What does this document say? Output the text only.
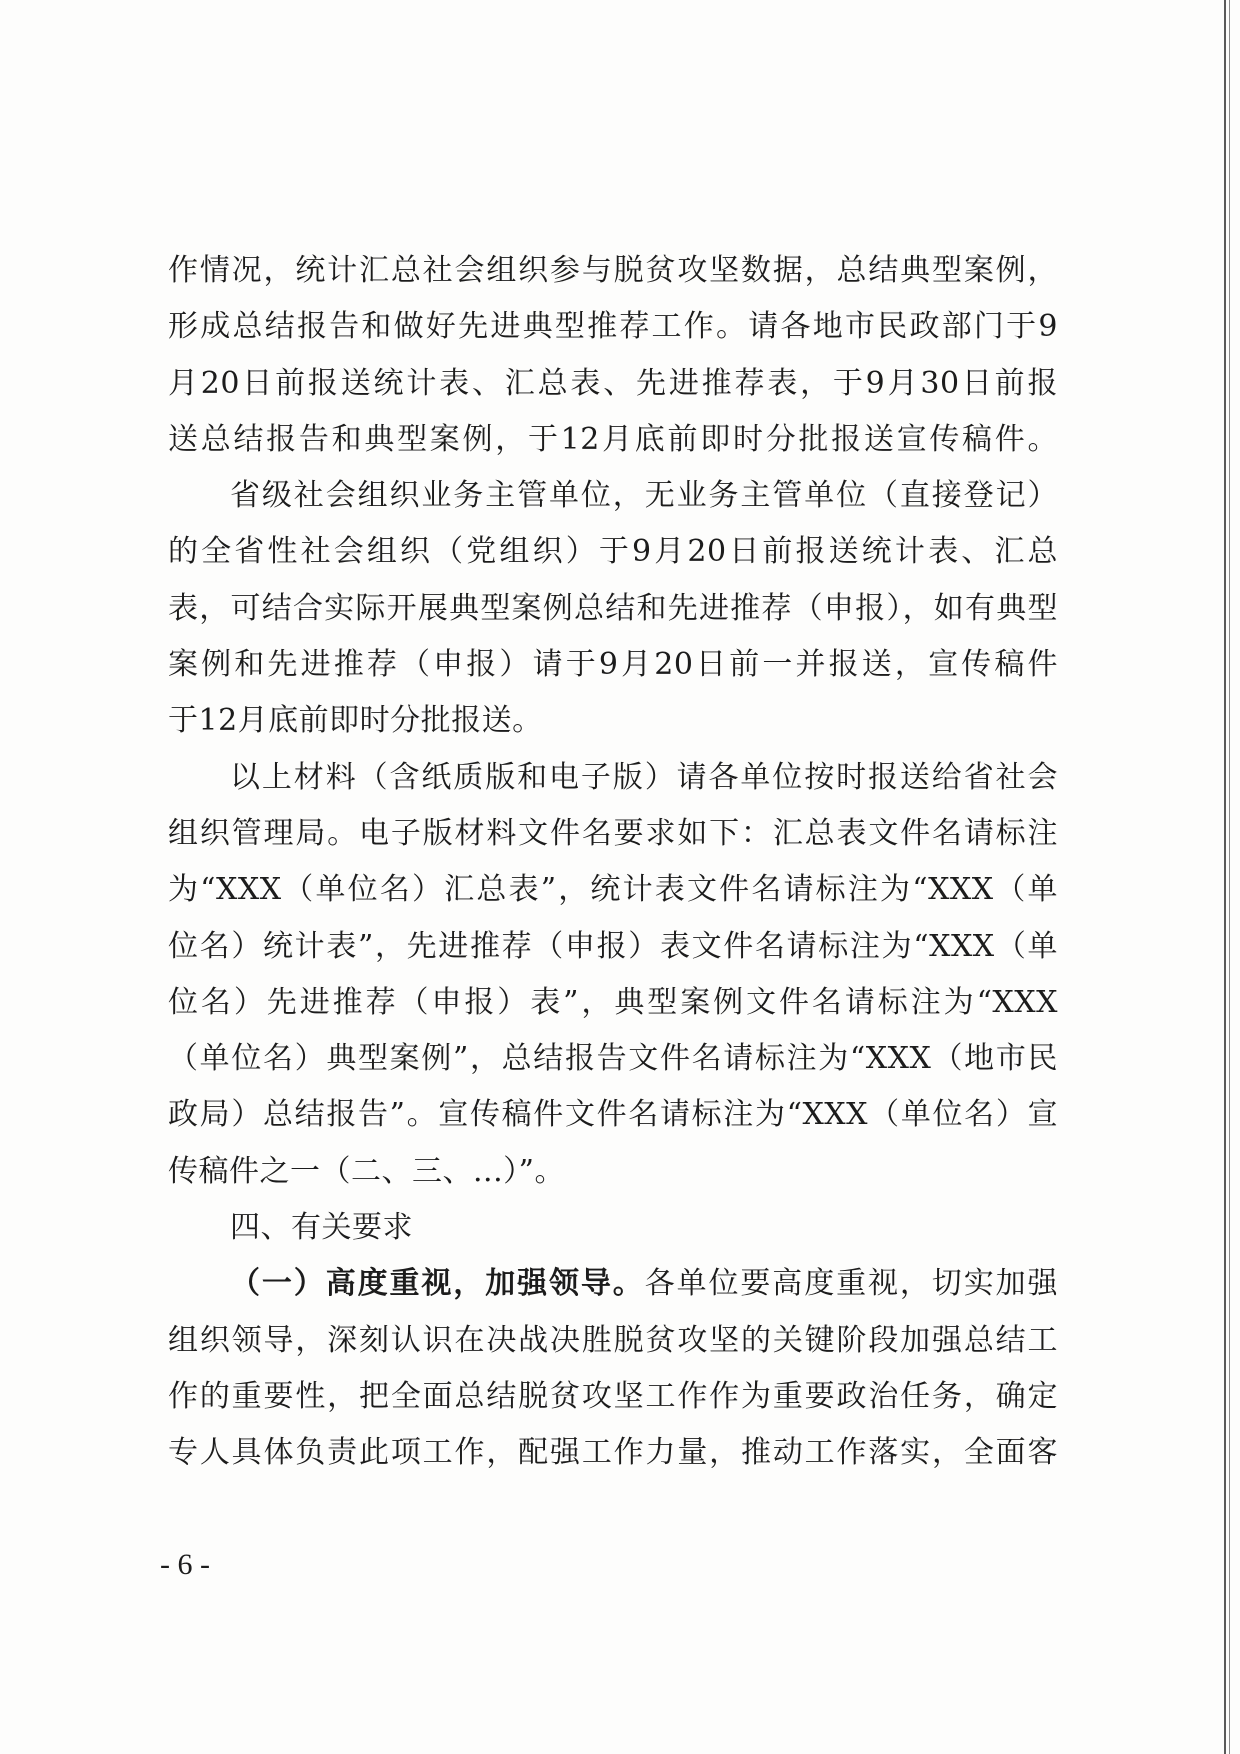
作情况，统计汇总社会组织参与脱贫攻坚数据，总结典型案例，
形成总结报告和做好先进典型推荐工作。请各地市民政部门于9
月20日前报送统计表、汇总表、先进推荐表，于9月30日前报
送总结报告和典型案例，于12月底前即时分批报送宣传稿件。
省级社会组织业务主管单位，无业务主管单位（直接登记）
的全省性社会组织（党组织）于9月20日前报送统计表、汇总
表，可结合实际开展典型案例总结和先进推荐（申报），如有典型
案例和先进推荐（申报）请于9月20日前一并报送，宣传稿件
于12月底前即时分批报送。
以上材料（含纸质版和电子版）请各单位按时报送给省社会
组织管理局。电子版材料文件名要求如下：汇总表文件名请标注
为“XXX（单位名）汇总表”，统计表文件名请标注为“XXX（单
位名）统计表”，先进推荐（申报）表文件名请标注为“XXX（单
位名）先进推荐（申报）表”，典型案例文件名请标注为“XXX
（单位名）典型案例”，总结报告文件名请标注为“XXX（地市民
政局）总结报告”。宣传稿件文件名请标注为“XXX（单位名）宣
传稿件之一（二、三、...）”。
四、有关要求
（一）高度重视，加强领导。各单位要高度重视，切实加强
组织领导，深刻认识在决战决胜脱贫攻坚的关键阶段加强总结工
作的重要性，把全面总结脱贫攻坚工作作为重要政治任务，确定
专人具体负责此项工作，配强工作力量，推动工作落实，全面客
- 6 -
